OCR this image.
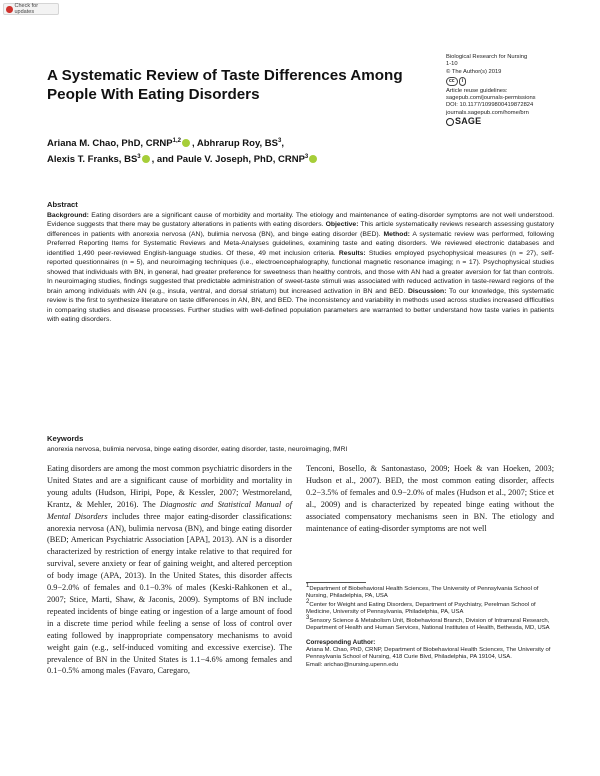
Check for updates
A Systematic Review of Taste Differences Among People With Eating Disorders
Biological Research for Nursing
1-10
© The Author(s) 2019
cc	i
Article reuse guidelines:
sagepub.com/journals-permissions
DOI: 10.1177/1099800419872824
journals.sagepub.com/home/brn
SAGE
Ariana M. Chao, PhD, CRNP$^{1,2}$ , Abhrarup Roy, $BS^3$,
Alexis T. Franks, $BS^3$ , and Paule V. Joseph, PhD, CRNP$^3$
Abstract
Background: Eating disorders are a significant cause of morbidity and mortality. The etiology and maintenance of eating-disorder symptoms are not well understood. Evidence suggests that there may be gustatory alterations in patients with eating disorders. Objective: This article systematically reviews research assessing gustatory differences in patients with anorexia nervosa (AN), bulimia nervosa (BN), and binge eating disorder (BED). Method: A systematic review was performed, following Preferred Reporting Items for Systematic Reviews and Meta-Analyses guidelines, examining taste and eating disorders. We reviewed electronic databases and identified 1,490 peer-reviewed English-language studies. Of these, 49 met inclusion criteria. Results: Studies employed psychophysical measures (n = 27), self-reported questionnaires (n = 5), and neuroimaging techniques (i.e., electroencephalography, functional magnetic resonance imaging; n = 17). Psychophysical studies showed that individuals with BN, in general, had greater preference for sweetness than healthy controls, and those with AN had a greater aversion for fat than controls. In neuroimaging studies, findings suggested that predictable administration of sweet-taste stimuli was associated with reduced activation in taste-reward regions of the brain among individuals with AN (e.g., insula, ventral, and dorsal striatum) but increased activation in BN and BED. Discussion: To our knowledge, this systematic review is the first to synthesize literature on taste differences in AN, BN, and BED. The inconsistency and variability in methods used across studies increased difficulties in comparing studies and disease processes. Further studies with well-defined population parameters are warranted to better understand how taste varies in patients with eating disorders.
Keywords
anorexia nervosa, bulimia nervosa, binge eating disorder, eating disorder, taste, neuroimaging, fMRI
Eating disorders are among the most common psychiatric disorders in the United States and are a significant cause of morbidity and mortality in young adults (Hudson, Hiripi, Pope, & Kessler, 2007; Westmoreland, Krantz, & Mehler, 2016). The Diagnostic and Statistical Manual of Mental Disorders includes three major eating-disorder classifications: anorexia nervosa (AN), bulimia nervosa (BN), and binge eating disorder (BED; American Psychiatric Association [APA], 2013). AN is a disorder characterized by restriction of energy intake relative to that required for survival, severe anxiety or fear of gaining weight, and altered perception of body image (APA, 2013). In the United States, this disorder affects 0.9−2.0% of females and 0.1−0.3% of males (Keski-Rahkonen et al., 2007; Stice, Marti, Shaw, & Jaconis, 2009). Symptoms of BN include repeated incidents of binge eating or ingestion of a large amount of food in a discrete time period while feeling a sense of loss of control over eating followed by inappropriate compensatory mechanisms to avoid weight gain (e.g., self-induced vomiting and excessive exercise). The prevalence of BN in the United States is 1.1−4.6% among females and 0.1−0.5% among males (Favaro, Caregaro,
Tenconi, Bosello, & Santonastaso, 2009; Hoek & van Hoeken, 2003; Hudson et al., 2007). BED, the most common eating disorder, affects 0.2−3.5% of females and 0.9−2.0% of males (Hudson et al., 2007; Stice et al., 2009) and is characterized by repeated binge eating without the associated compensatory mechanisms seen in BN. The etiology and maintenance of eating-disorder symptoms are not well
$^1$Department of Biobehavioral Health Sciences, The University of Pennsylvania School of Nursing, Philadelphia, PA, USA
$^2$Center for Weight and Eating Disorders, Department of Psychiatry, Perelman School of Medicine, University of Pennsylvania, Philadelphia, PA, USA
$^3$Sensory Science & Metabolism Unit, Biobehavioral Branch, Division of Intramural Research, Department of Health and Human Services, National Institutes of Health, Bethesda, MD, USA
Corresponding Author:
Ariana M. Chao, PhD, CRNP, Department of Biobehavioral Health Sciences, The University of Pennsylvania School of Nursing, 418 Curie Blvd, Philadelphia, PA 19104, USA.
Email: arichao@nursing.upenn.edu
